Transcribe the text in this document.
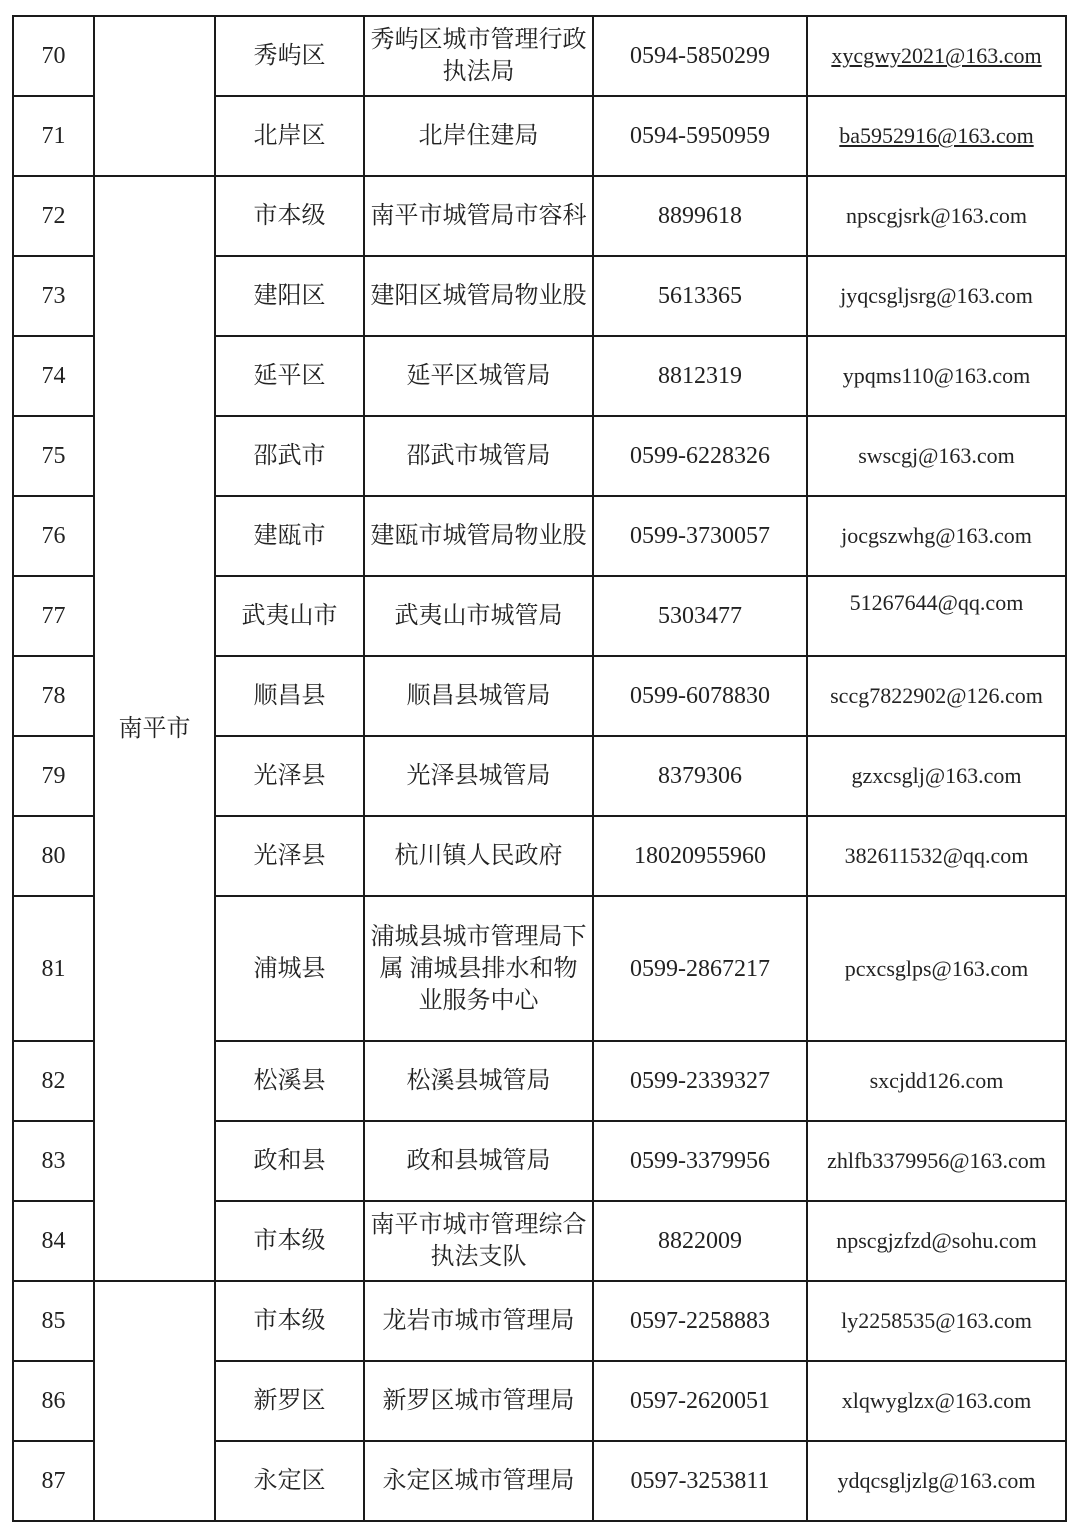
70		秀屿区	秀屿区城市管理行政执法局	0594-5850299	xycgwy2021@163.com
71		北岸区	北岸住建局	0594-5950959	ba5952916@163.com
72	南平市	市本级	南平市城管局市容科	8899618	npscgjsrk@163.com
73		建阳区	建阳区城管局物业股	5613365	jyqcsgljsrg@163.com
74		延平区	延平区城管局	8812319	ypqms110@163.com
75		邵武市	邵武市城管局	0599-6228326	swscgj@163.com
76		建瓯市	建瓯市城管局物业股	0599-3730057	jocgszwhg@163.com
77		武夷山市	武夷山市城管局	5303477	51267644@qq.com
78		顺昌县	顺昌县城管局	0599-6078830	sccg7822902@126.com
79		光泽县	光泽县城管局	8379306	gzxcsglj@163.com
80		光泽县	杭川镇人民政府	18020955960	382611532@qq.com
81		浦城县	浦城县城市管理局下属 浦城县排水和物业服务中心	0599-2867217	pcxcsglps@163.com
82		松溪县	松溪县城管局	0599-2339327	sxcjdd126.com
83		政和县	政和县城管局	0599-3379956	zhlfb3379956@163.com
84		市本级	南平市城市管理综合执法支队	8822009	npscgjzfzd@sohu.com
85		市本级	龙岩市城市管理局	0597-2258883	ly2258535@163.com
86		新罗区	新罗区城市管理局	0597-2620051	xlqwyglzx@163.com
87		永定区	永定区城市管理局	0597-3253811	ydqcsgljzlg@163.com
